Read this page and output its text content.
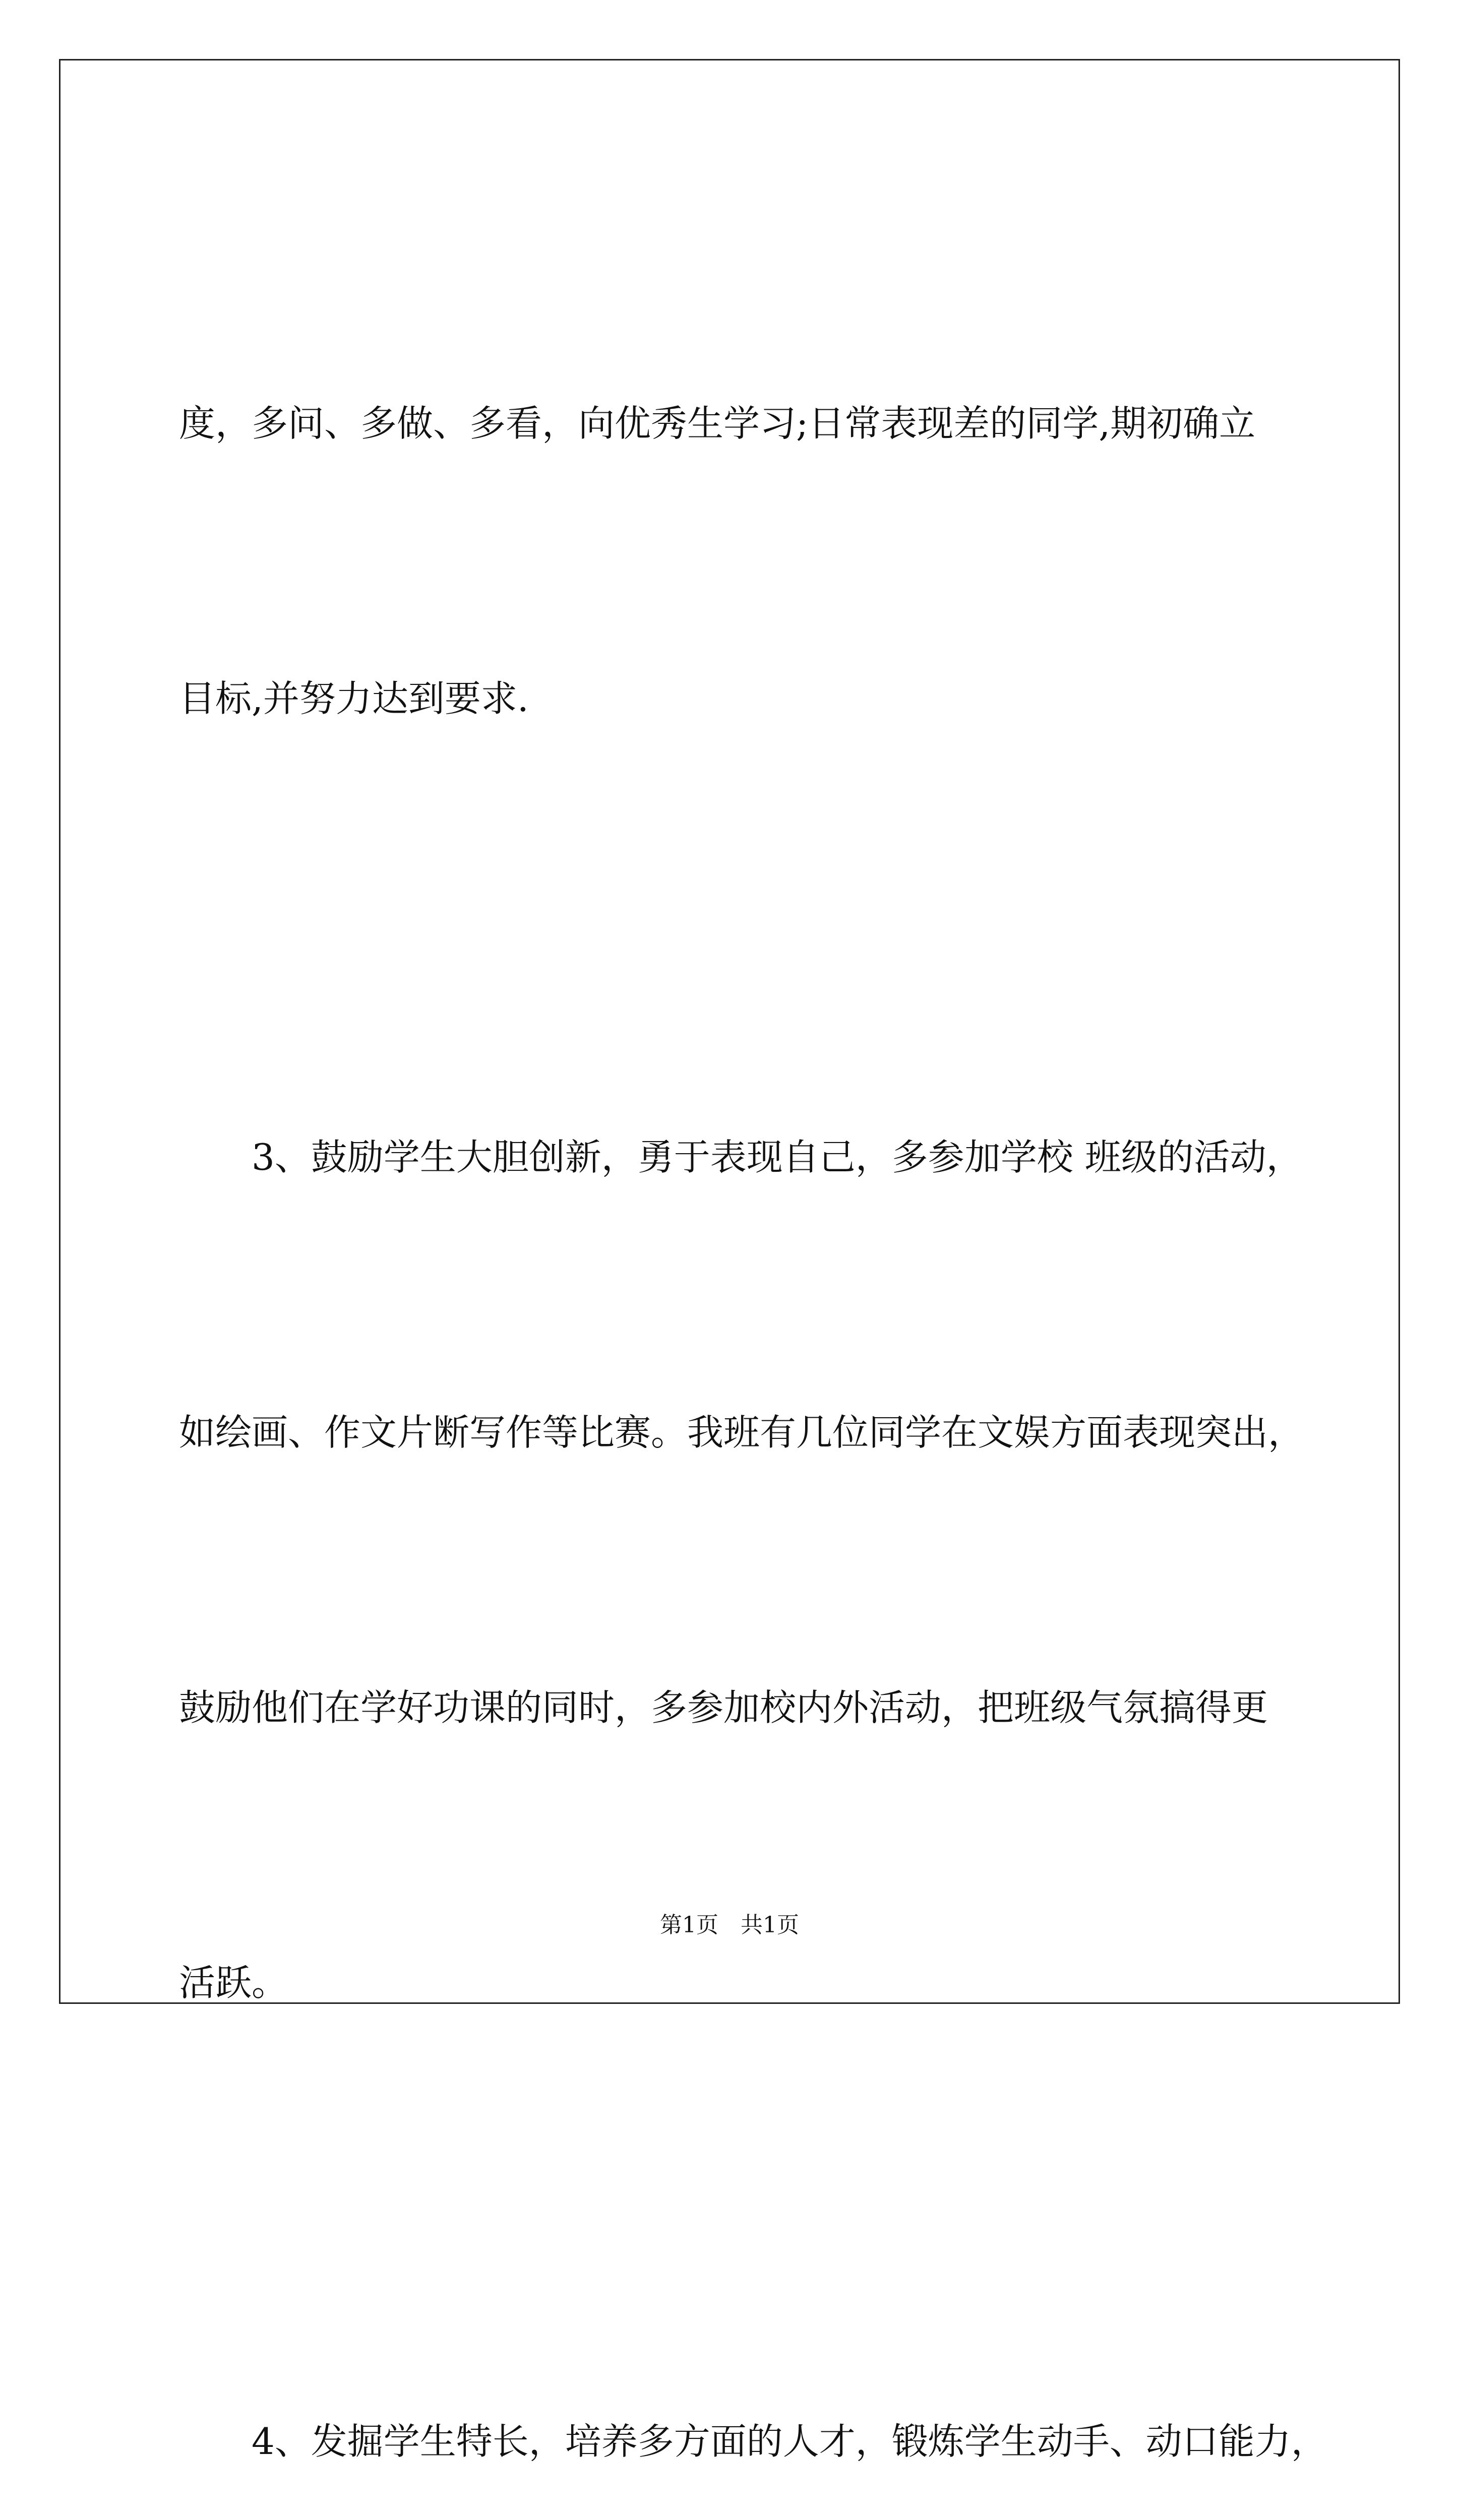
度，多问、多做、多看，向优秀生学习;日常表现差的同学,期初确立

目标,并努力达到要求.

3、鼓励学生大胆创新，勇于表现自己，多参加学校 班级的活动，

如绘画、作文片断写作等比赛。我班有几位同学在文娱方面表现突出，

鼓励他们在学好功课的同时，多参加校内外活动，把班级气氛搞得更

活跃。

4、发掘学生特长，培养多方面的人才，锻炼学生动手、动口能力，

第1页　共1页
